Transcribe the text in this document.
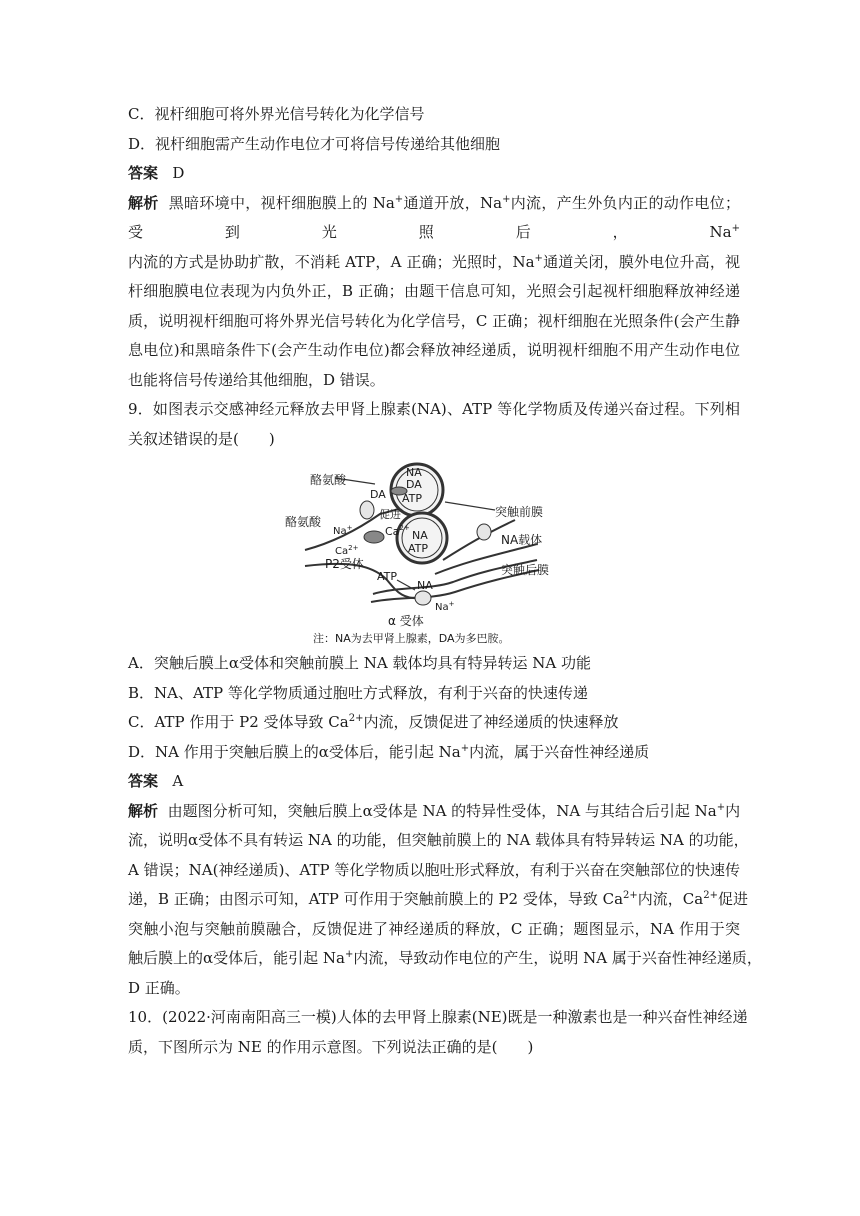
C．视杆细胞可将外界光信号转化为化学信号
D．视杆细胞需产生动作电位才可将信号传递给其他细胞
答案 D
解析 黑暗环境中，视杆细胞膜上的 Na+通道开放，Na+内流，产生外负内正的动作电位；
受到光照后，Na+
内流的方式是协助扩散，不消耗 ATP，A 正确；光照时，Na+通道关闭，膜外电位升高，视
杆细胞膜电位表现为内负外正，B 正确；由题干信息可知，光照会引起视杆细胞释放神经递
质，说明视杆细胞可将外界光信号转化为化学信号，C 正确；视杆细胞在光照条件(会产生静
息电位)和黑暗条件下(会产生动作电位)都会释放神经递质，说明视杆细胞不用产生动作电位
也能将信号传递给其他细胞，D 错误。
9．如图表示交感神经元释放去甲肾上腺素(NA)、ATP 等化学物质及传递兴奋过程。下列相
关叙述错误的是(　　)
酪氨酸
酪氨酸
DA
NA
DA
ATP
促进
$Ca^{2+}$
Na+
$Ca^{2+}$
P2受体
NA
ATP
ATP
NA
Na+
α 受体
突触前膜
NA载体
突触后膜
注：NA为去甲肾上腺素，DA为多巴胺。
A．突触后膜上α受体和突触前膜上 NA 载体均具有特异转运 NA 功能
B．NA、ATP 等化学物质通过胞吐方式释放，有利于兴奋的快速传递
C．ATP 作用于 P2 受体导致 $Ca^{2+}$内流，反馈促进了神经递质的快速释放
D．NA 作用于突触后膜上的α受体后，能引起 Na+内流，属于兴奋性神经递质
答案 A
解析 由题图分析可知，突触后膜上α受体是 NA 的特异性受体，NA 与其结合后引起 Na+内
流，说明α受体不具有转运 NA 的功能，但突触前膜上的 NA 载体具有特异转运 NA 的功能，
A 错误；NA(神经递质)、ATP 等化学物质以胞吐形式释放，有利于兴奋在突触部位的快速传
递，B 正确；由图示可知，ATP 可作用于突触前膜上的 P2 受体，导致 $Ca^{2+}$内流，$Ca^{2+}$促进
突触小泡与突触前膜融合，反馈促进了神经递质的释放，C 正确；题图显示，NA 作用于突
触后膜上的α受体后，能引起 Na+内流，导致动作电位的产生，说明 NA 属于兴奋性神经递质，
D 正确。
10．(2022·河南南阳高三一模)人体的去甲肾上腺素(NE)既是一种激素也是一种兴奋性神经递
质，下图所示为 NE 的作用示意图。下列说法正确的是(　　)
